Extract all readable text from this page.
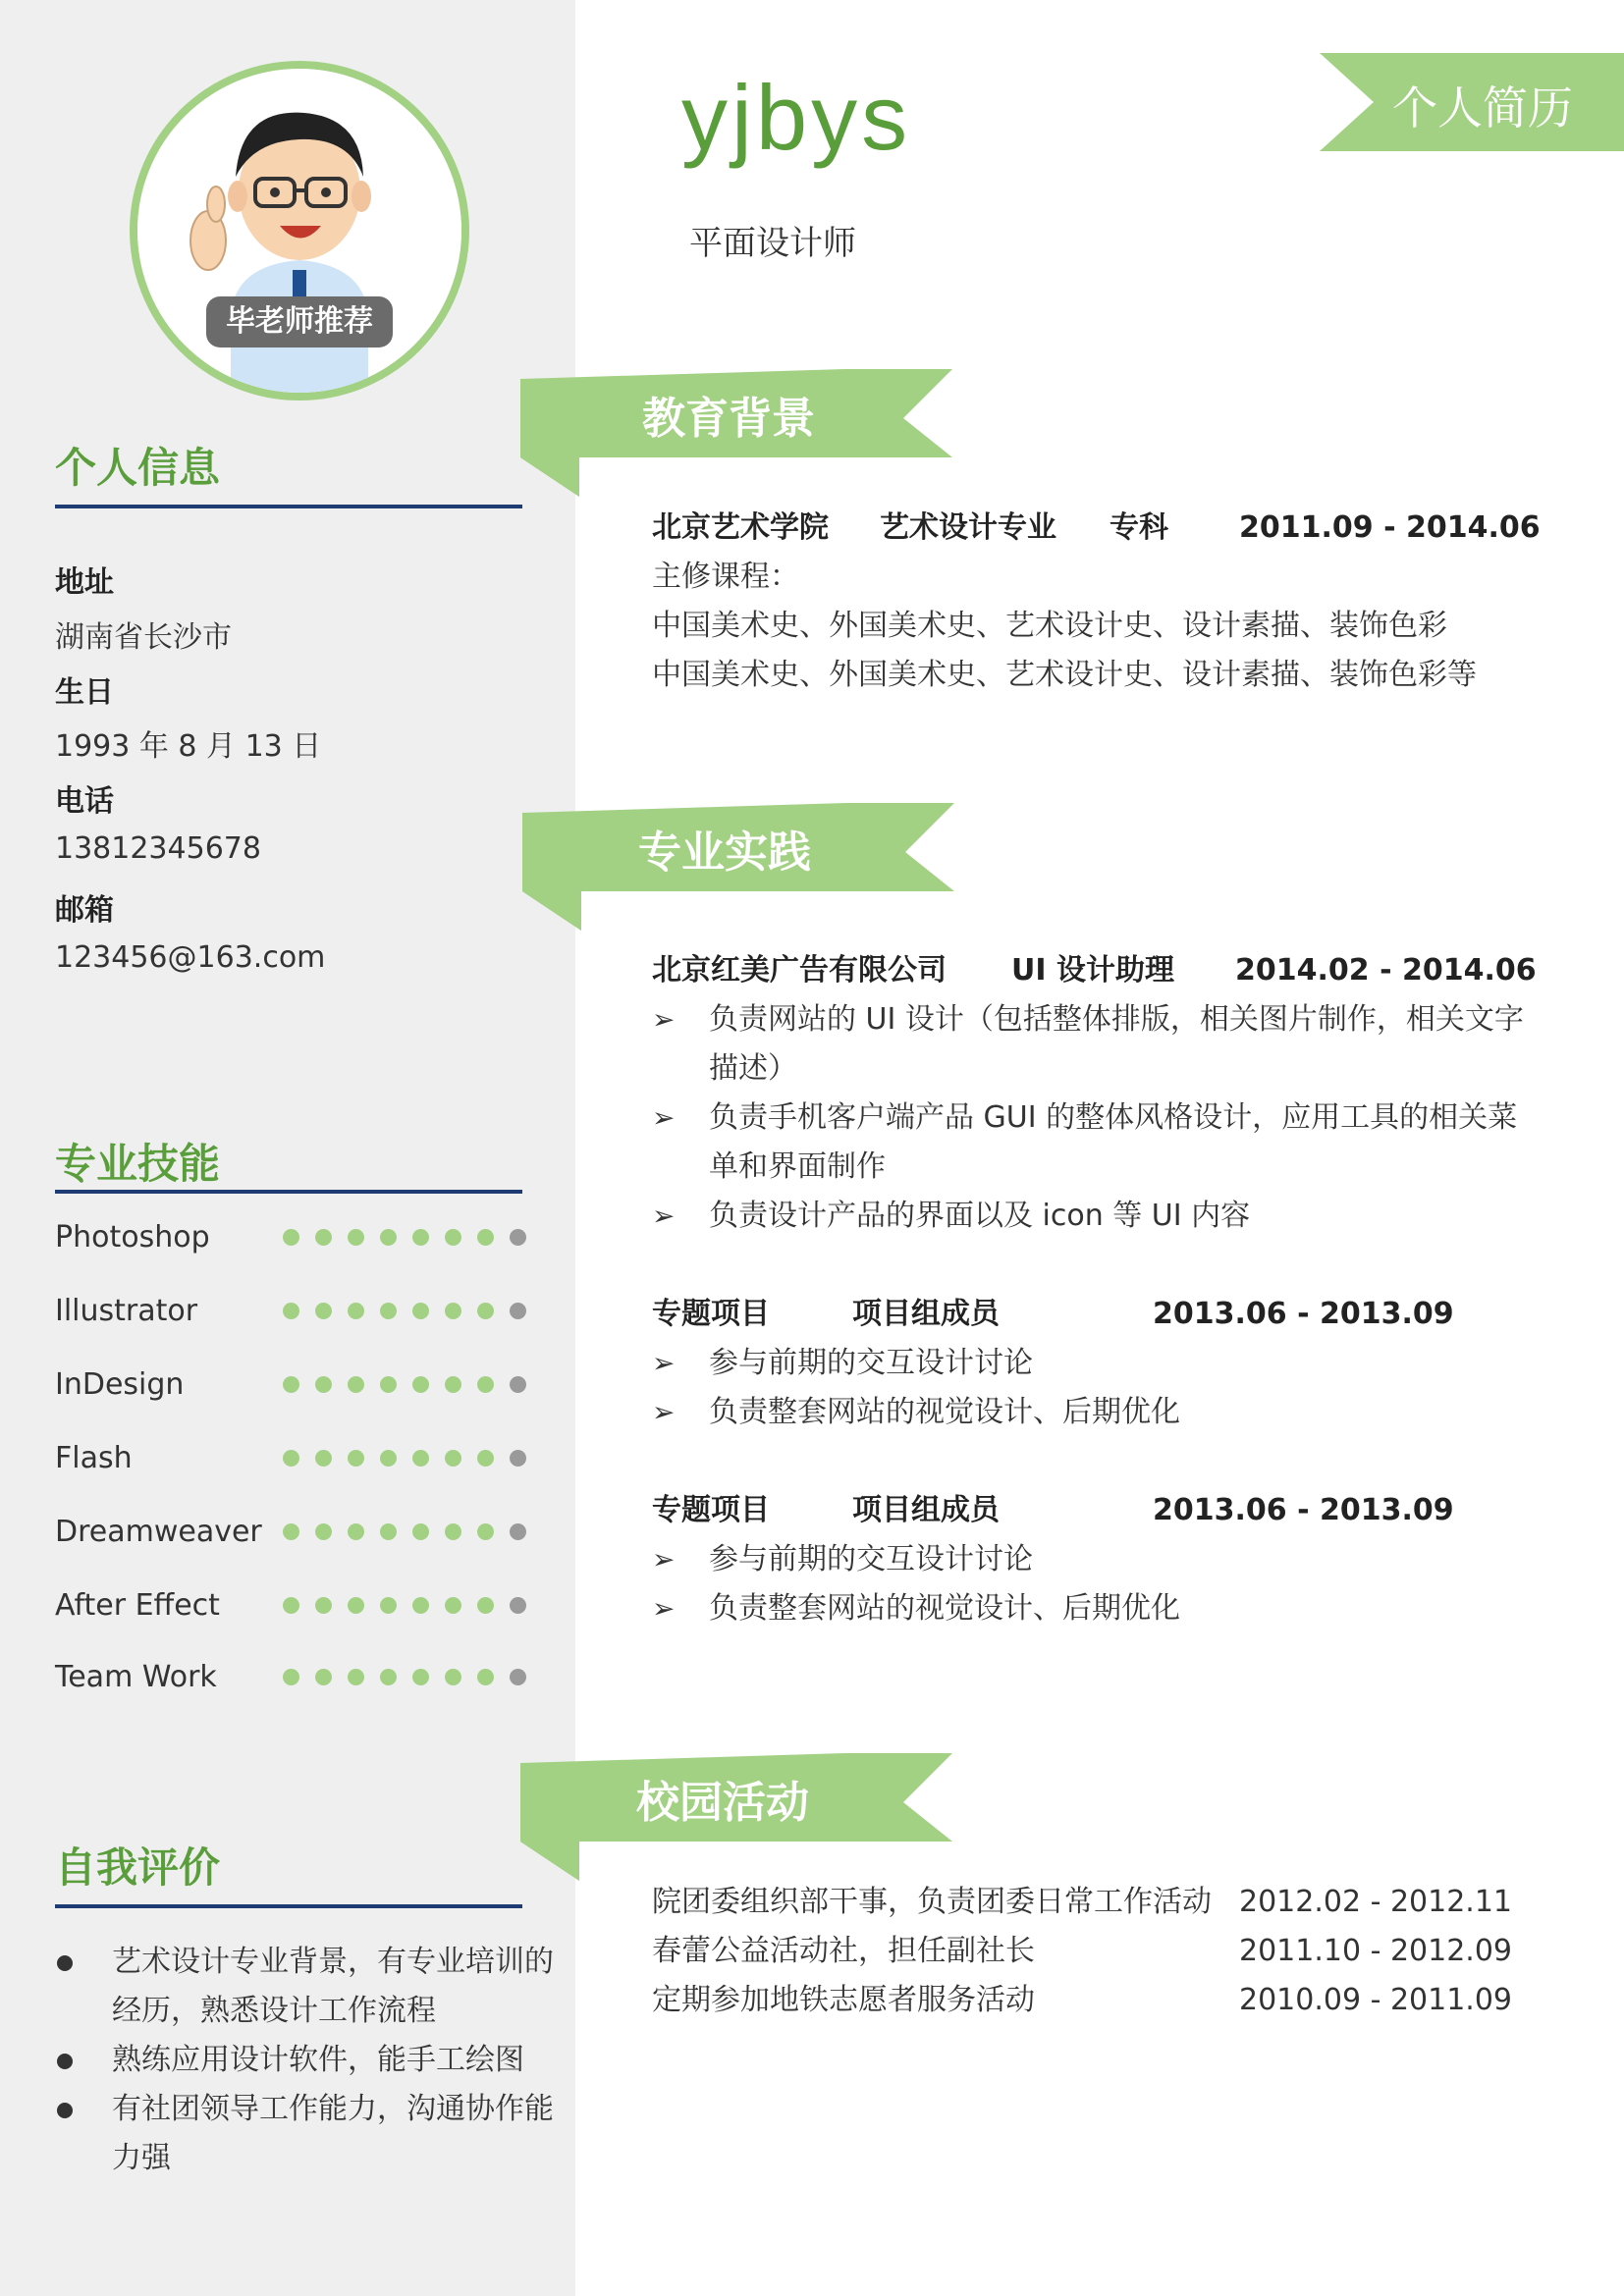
毕老师推荐
个人信息
地址
湖南省长沙市
生日
1993 年 8 月 13 日
电话
13812345678
邮箱
123456@163.com
专业技能
Photoshop
Illustrator
InDesign
Flash
Dreamweaver
After Effect
Team Work
自我评价
艺术设计专业背景，有专业培训的经历，熟悉设计工作流程
熟练应用设计软件，能手工绘图
有社团领导工作能力，沟通协作能力强
yjbys
平面设计师
个人简历
教育背景
专业实践
校园活动
北京艺术学院 艺术设计专业 专科 2011.09 - 2014.06
主修课程：
中国美术史、外国美术史、艺术设计史、设计素描、装饰色彩
中国美术史、外国美术史、艺术设计史、设计素描、装饰色彩等
北京红美广告有限公司 UI 设计助理 2014.02 - 2014.06
➢ 负责网站的 UI 设计（包括整体排版，相关图片制作，相关文字描述）
➢ 负责手机客户端产品 GUI 的整体风格设计，应用工具的相关菜单和界面制作
➢ 负责设计产品的界面以及 icon 等 UI 内容
专题项目	项目组成员	2013.06 - 2013.09
➢ 参与前期的交互设计讨论
➢ 负责整套网站的视觉设计、后期优化
专题项目	项目组成员	2013.06 - 2013.09
➢ 参与前期的交互设计讨论
➢ 负责整套网站的视觉设计、后期优化
院团委组织部干事，负责团委日常工作活动 2012.02 - 2012.11
春蕾公益活动社，担任副社长	2011.10 - 2012.09
定期参加地铁志愿者服务活动	2010.09 - 2011.09
